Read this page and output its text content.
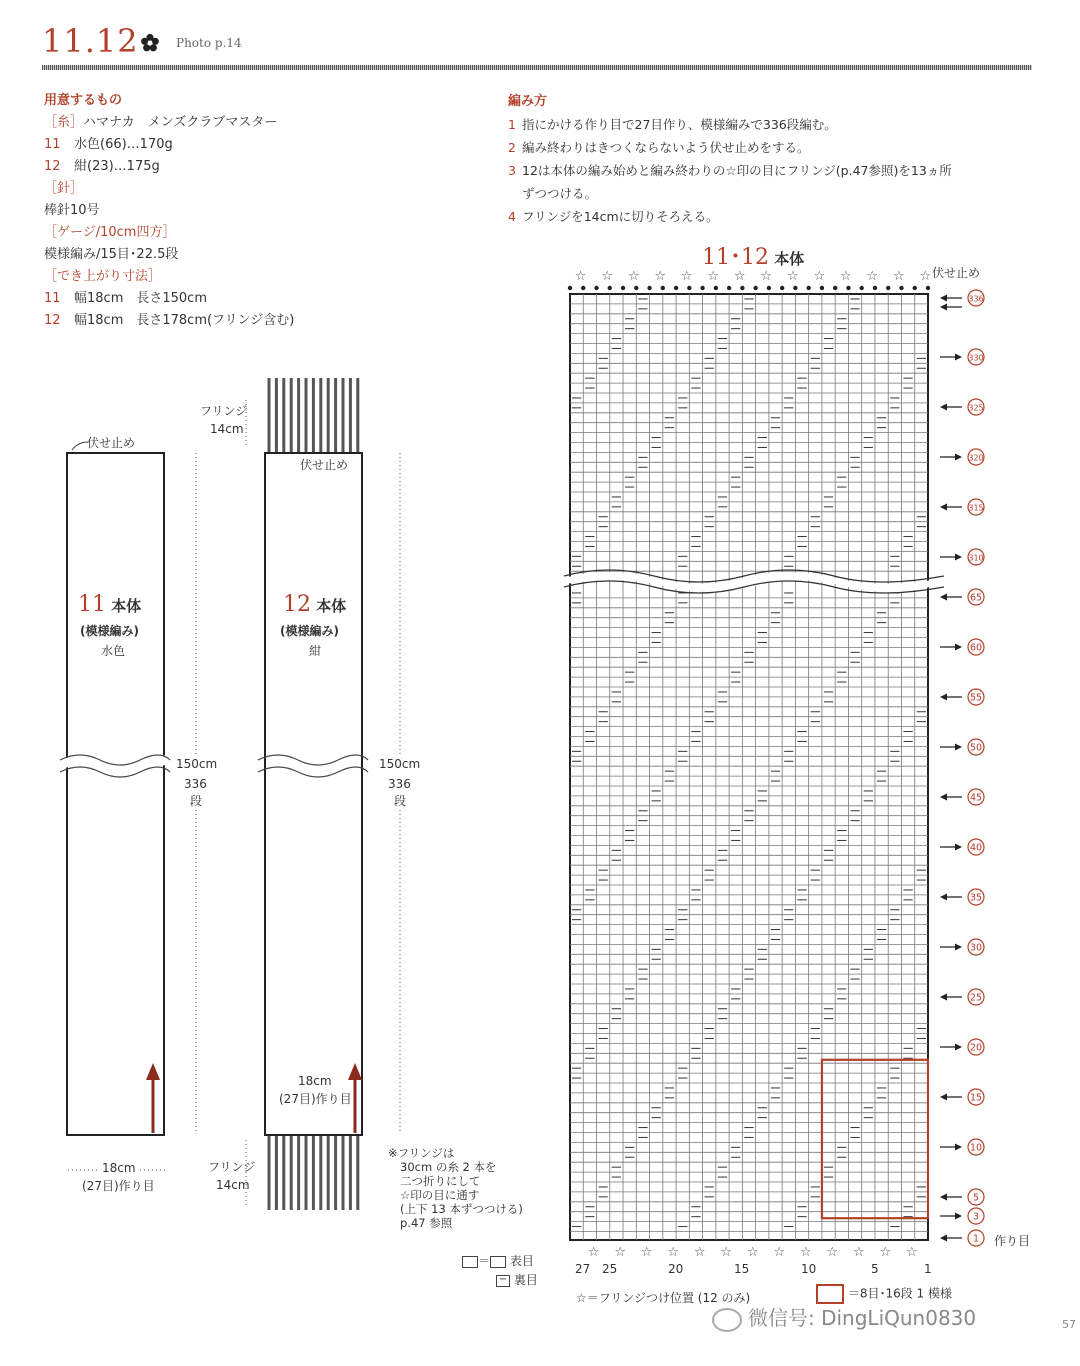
11.12	Photo p.14
用意するもの
［糸］ハマナカ　メンズクラブマスター
11 水色(66)…170g
12 紺(23)…175g
［針］
棒針10号
［ゲージ/10cm四方］
模様編み/15目･22.5段
［でき上がり寸法］
11 幅18cm　長さ150cm
12 幅18cm　長さ178cm(フリンジ含む)
編み方
1 指にかける作り目で27目作り、模様編みで336段編む。
2 編み終わりはきつくならないよう伏せ止めをする。
3 12は本体の編み始めと編み終わりの☆印の目にフリンジ(p.47参照)を13ヵ所
ずつつける。
4 フリンジを14cmに切りそろえる。
伏せ止め
11 本体
(模様編み)
水色
150cm
336
段
18cm
(27目)作り目
フリンジ
14cm
伏せ止め
12 本体
(模様編み)
紺
150cm
336
段
18cm
(27目)作り目
フリンジ
14cm
※フリンジは
30cm の糸 2 本を
二つ折りにして
☆印の目に通す
(上下 13 本ずつつける)
p.47 参照
11･12 本体
伏せ止め
☆
☆
☆
☆
☆
☆
☆
☆
☆
☆
☆
☆
☆
☆
☆
☆
☆
☆
☆
☆
☆
☆
☆
☆
☆
☆
☆
336
330
325
320
315
310
65
60
55
50
45
40
35
30
25
20
15
10
5
3
1 作り目
27 25	20	15	10	5	1
＝ 表目
− 裏目
☆＝フリンジつけ位置 (12 のみ)	＝8目･16段 1 模様
微信号: DingLiQun0830	57
